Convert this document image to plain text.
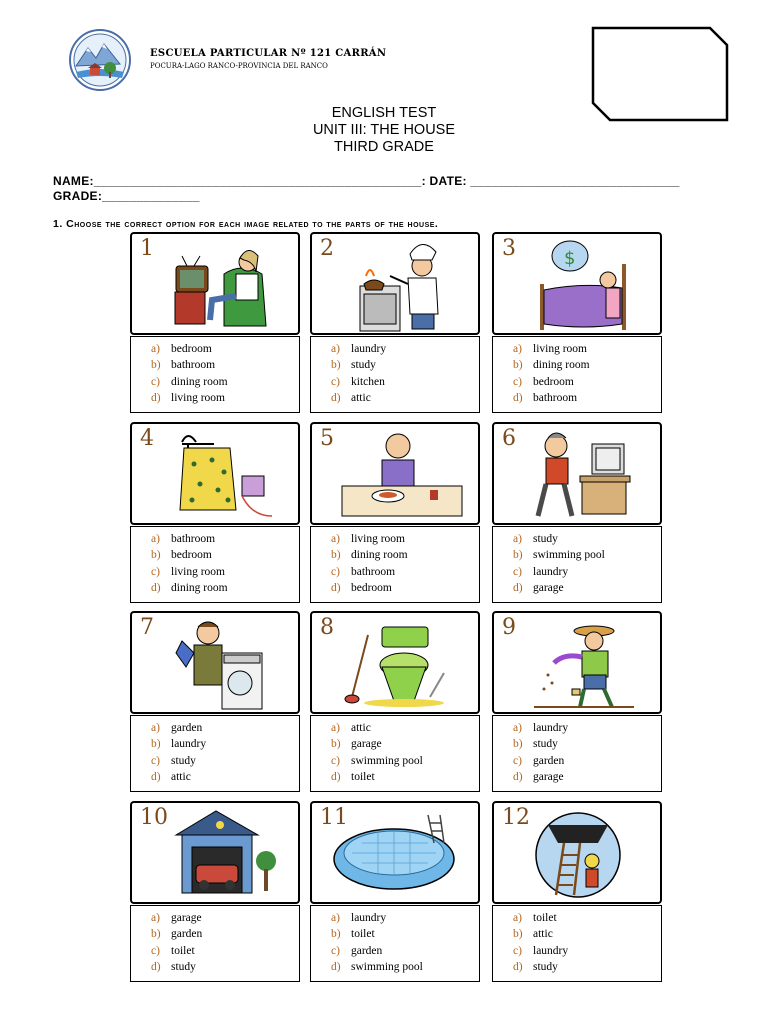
ESCUELA PARTICULAR Nº 121 CARRÁN
POCURA-LAGO RANCO-PROVINCIA DEL RANCO
ENGLISH TEST
UNIT III: THE HOUSE
THIRD GRADE
NAME:_______________________________________________: DATE: ______________________________
GRADE:______________
1. Choose the correct option for each image related to the parts of the house.
1
a) bedroom
b) bathroom
c) dining room
d) living room
2
a) laundry
b) study
c) kitchen
d) attic
$
3
a) living room
b) dining room
c) bedroom
d) bathroom
4
a) bathroom
b) bedroom
c) living room
d) dining room
5
a) living room
b) dining room
c) bathroom
d) bedroom
6
a) study
b) swimming pool
c) laundry
d) garage
7
a) garden
b) laundry
c) study
d) attic
8
a) attic
b) garage
c) swimming pool
d) toilet
9
a) laundry
b) study
c) garden
d) garage
10
a) garage
b) garden
c) toilet
d) study
11
a) laundry
b) toilet
c) garden
d) swimming pool
12
a) toilet
b) attic
c) laundry
d) study
